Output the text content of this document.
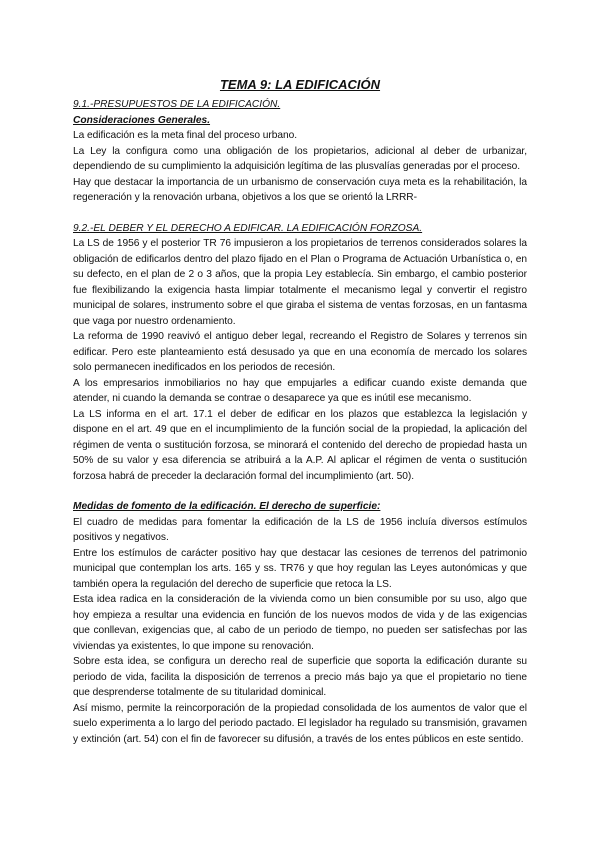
TEMA 9: LA EDIFICACIÓN
9.1.-PRESUPUESTOS DE LA EDIFICACIÓN.
Consideraciones Generales.

La edificación es la meta final del proceso urbano.

La Ley la configura como una obligación de los propietarios, adicional al deber de urbanizar, dependiendo de su cumplimiento la adquisición legítima de las plusvalías generadas por el proceso.

Hay que destacar la importancia de un urbanismo de conservación cuya meta es la rehabilitación, la regeneración y la renovación urbana, objetivos a los que se orientó la LRRR-

9.2.-EL DEBER Y EL DERECHO A EDIFICAR. LA EDIFICACIÓN FORZOSA.

La LS de 1956 y el posterior TR 76 impusieron a los propietarios de terrenos considerados solares la obligación de edificarlos dentro del plazo fijado en el Plan o Programa de Actuación Urbanística o, en su defecto, en el plan de 2 o 3 años, que la propia Ley establecía. Sin embargo, el cambio posterior fue flexibilizando la exigencia hasta limpiar totalmente el mecanismo legal y convertir el registro municipal de solares, instrumento sobre el que giraba el sistema de ventas forzosas, en un fantasma que vaga por nuestro ordenamiento.

La reforma de 1990 reavivó el antiguo deber legal, recreando el Registro de Solares y terrenos sin edificar. Pero este planteamiento está desusado ya que en una economía de mercado los solares solo permanecen inedificados en los periodos de recesión.

A los empresarios inmobiliarios no hay que empujarles a edificar cuando existe demanda que atender, ni cuando la demanda se contrae o desaparece ya que es inútil ese mecanismo.

La LS informa en el art. 17.1 el deber de edificar en los plazos que establezca la legislación y dispone en el art. 49 que en el incumplimiento de la función social de la propiedad, la aplicación del régimen de venta o sustitución forzosa, se minorará el contenido del derecho de propiedad hasta un 50% de su valor y esa diferencia se atribuirá a la A.P. Al aplicar el régimen de venta o sustitución forzosa habrá de preceder la declaración formal del incumplimiento (art. 50).

Medidas de fomento de la edificación. El derecho de superficie:

El cuadro de medidas para fomentar la edificación de la LS de 1956 incluía diversos estímulos positivos y negativos.

Entre los estímulos de carácter positivo hay que destacar las cesiones de terrenos del patrimonio municipal que contemplan los arts. 165 y ss. TR76 y que hoy regulan las Leyes autonómicas y que también opera la regulación del derecho de superficie que retoca la LS.

Esta idea radica en la consideración de la vivienda como un bien consumible por su uso, algo que hoy empieza a resultar una evidencia en función de los nuevos modos de vida y de las exigencias que conllevan, exigencias que, al cabo de un periodo de tiempo, no pueden ser satisfechas por las viviendas ya existentes, lo que impone su renovación.

Sobre esta idea, se configura un derecho real de superficie que soporta la edificación durante su periodo de vida, facilita la disposición de terrenos a precio más bajo ya que el propietario no tiene que desprenderse totalmente de su titularidad dominical.

Así mismo, permite la reincorporación de la propiedad consolidada de los aumentos de valor que el suelo experimenta a lo largo del periodo pactado. El legislador ha regulado su transmisión, gravamen y extinción (art. 54) con el fin de favorecer su difusión, a través de los entes públicos en este sentido.
